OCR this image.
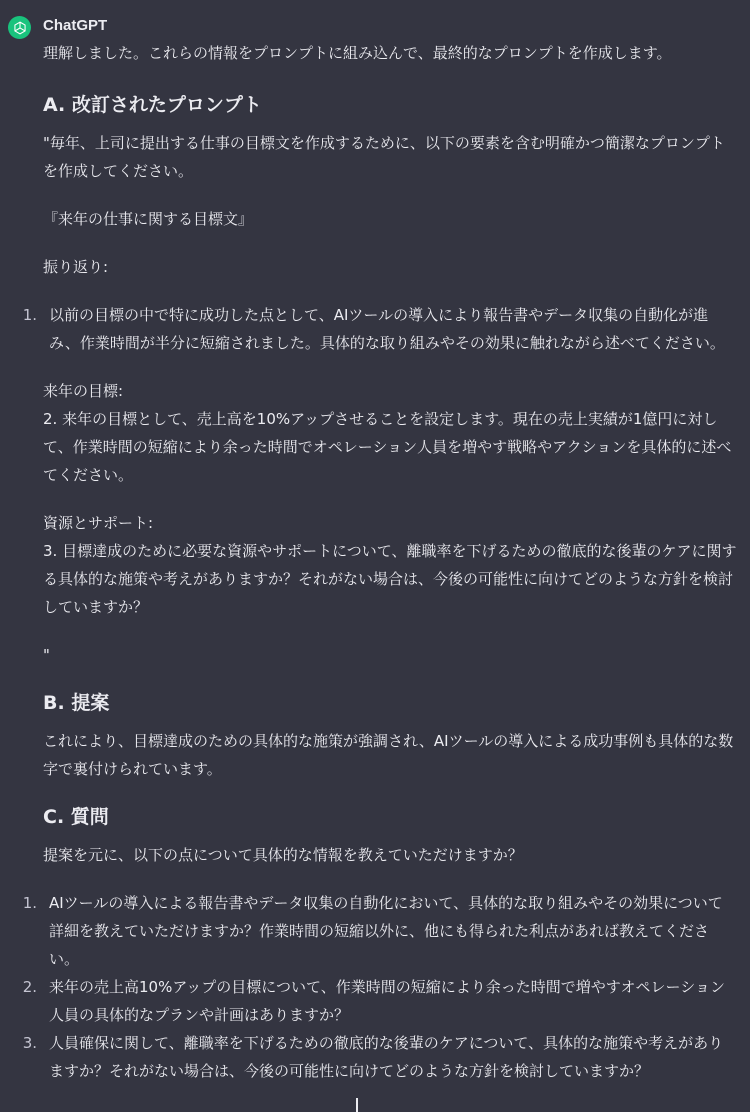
ChatGPT

理解しました。これらの情報をプロンプトに組み込んで、最終的なプロンプトを作成します。

A. 改訂されたプロンプト

"毎年、上司に提出する仕事の目標文を作成するために、以下の要素を含む明確かつ簡潔なプロンプトを作成してください。

『来年の仕事に関する目標文』

振り返り:

1. 以前の目標の中で特に成功した点として、AIツールの導入により報告書やデータ収集の自動化が進み、作業時間が半分に短縮されました。具体的な取り組みやその効果に触れながら述べてください。

来年の目標:
2. 来年の目標として、売上高を10%アップさせることを設定します。現在の売上実績が1億円に対して、作業時間の短縮により余った時間でオペレーション人員を増やす戦略やアクションを具体的に述べてください。

資源とサポート:
3. 目標達成のために必要な資源やサポートについて、離職率を下げるための徹底的な後輩のケアに関する具体的な施策や考えがありますか？それがない場合は、今後の可能性に向けてどのような方針を検討していますか？

"

B. 提案

これにより、目標達成のための具体的な施策が強調され、AIツールの導入による成功事例も具体的な数字で裏付けられています。

C. 質問

提案を元に、以下の点について具体的な情報を教えていただけますか？

1. AIツールの導入による報告書やデータ収集の自動化において、具体的な取り組みやその効果について詳細を教えていただけますか？作業時間の短縮以外に、他にも得られた利点があれば教えてください。
2. 来年の売上高10%アップの目標について、作業時間の短縮により余った時間で増やすオペレーション人員の具体的なプランや計画はありますか？
3. 人員確保に関して、離職率を下げるための徹底的な後輩のケアについて、具体的な施策や考えがありますか？それがない場合は、今後の可能性に向けてどのような方針を検討していますか？
